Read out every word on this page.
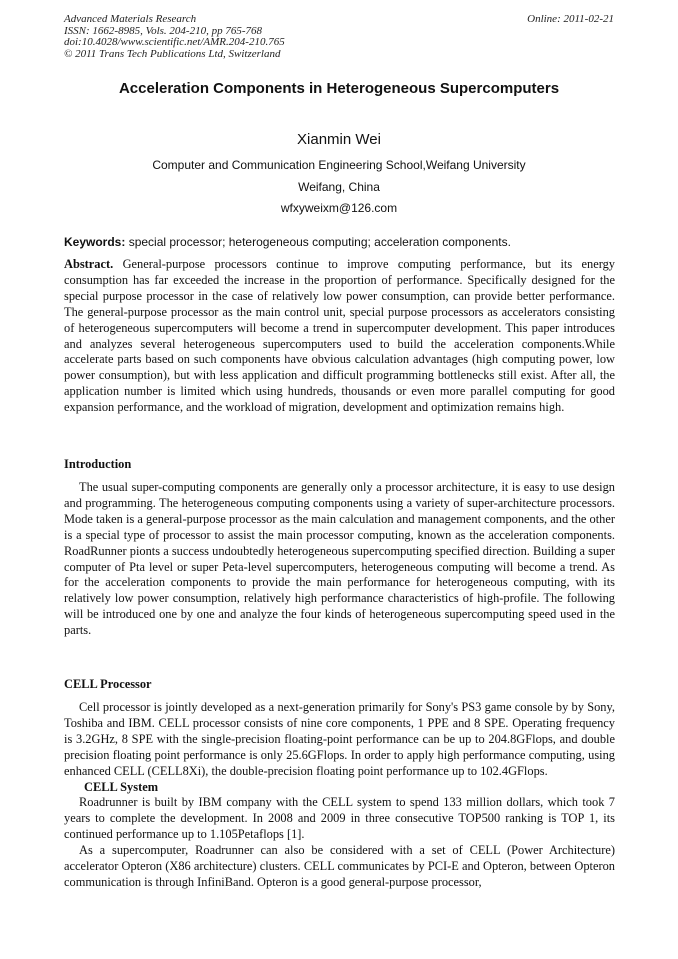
Advanced Materials Research
ISSN: 1662-8985, Vols. 204-210, pp 765-768
doi:10.4028/www.scientific.net/AMR.204-210.765
© 2011 Trans Tech Publications Ltd, Switzerland
Online: 2011-02-21
Acceleration Components in Heterogeneous Supercomputers
Xianmin Wei
Computer and Communication Engineering School,Weifang University
Weifang, China
wfxyweixm@126.com
Keywords: special processor; heterogeneous computing; acceleration components.

Abstract. General-purpose processors continue to improve computing performance, but its energy consumption has far exceeded the increase in the proportion of performance. Specifically designed for the special purpose processor in the case of relatively low power consumption, can provide better performance. The general-purpose processor as the main control unit, special purpose processors as accelerators consisting of heterogeneous supercomputers will become a trend in supercomputer development. This paper introduces and analyzes several heterogeneous supercomputers used to build the acceleration components.While accelerate parts based on such components have obvious calculation advantages (high computing power, low power consumption), but with less application and difficult programming bottlenecks still exist. After all, the application number is limited which using hundreds, thousands or even more parallel computing for good expansion performance, and the workload of migration, development and optimization remains high.

Introduction

The usual super-computing components are generally only a processor architecture, it is easy to use design and programming. The heterogeneous computing components using a variety of super-architecture processors. Mode taken is a general-purpose processor as the main calculation and management components, and the other is a special type of processor to assist the main processor computing, known as the acceleration components. RoadRunner pionts a success undoubtedly heterogeneous supercomputing specified direction. Building a super computer of Pta level or super Peta-level supercomputers, heterogeneous computing will become a trend. As for the acceleration components to provide the main performance for heterogeneous computing, with its relatively low power consumption, relatively high performance characteristics of high-profile. The following will be introduced one by one and analyze the four kinds of heterogeneous supercomputing speed used in the parts.

CELL Processor

Cell processor is jointly developed as a next-generation primarily for Sony's PS3 game console by by Sony, Toshiba and IBM. CELL processor consists of nine core components, 1 PPE and 8 SPE. Operating frequency is 3.2GHz, 8 SPE with the single-precision floating-point performance can be up to 204.8GFlops, and double precision floating point performance is only 25.6GFlops. In order to apply high performance computing, using enhanced CELL (CELL8Xi), the double-precision floating point performance up to 102.4GFlops.

CELL System

Roadrunner is built by IBM company with the CELL system to spend 133 million dollars, which took 7 years to complete the development. In 2008 and 2009 in three consecutive TOP500 ranking is TOP 1, its continued performance up to 1.105Petaflops [1].

As a supercomputer, Roadrunner can also be considered with a set of CELL (Power Architecture) accelerator Opteron (X86 architecture) clusters. CELL communicates by PCI-E and Opteron, between Opteron communication is through InfiniBand. Opteron is a good general-purpose processor,
